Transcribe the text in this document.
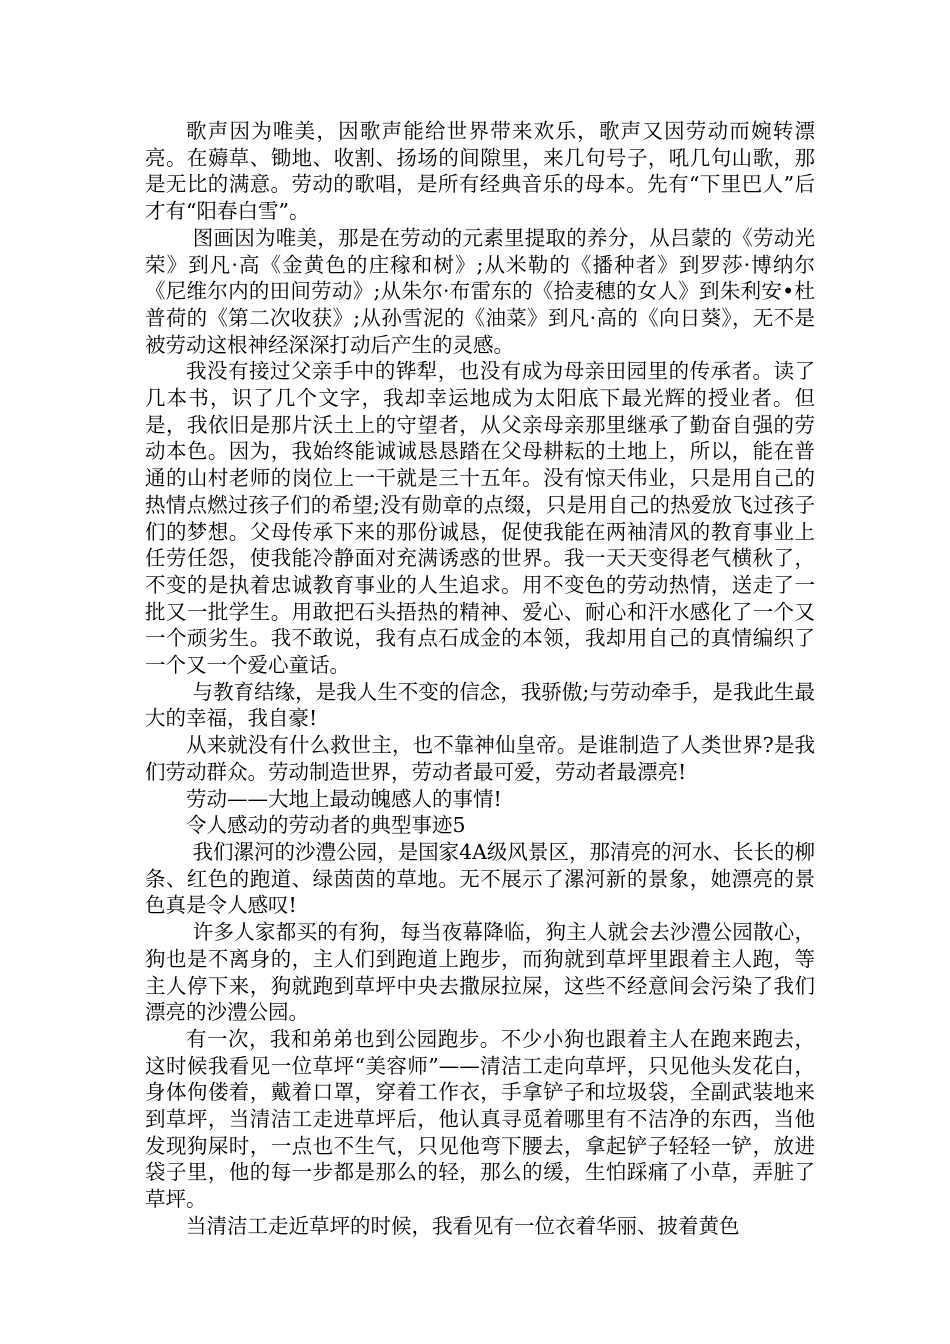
歌声因为唯美，因歌声能给世界带来欢乐，歌声又因劳动而婉转漂亮。在薅草、锄地、收割、扬场的间隙里，来几句号子，吼几句山歌，那是无比的满意。劳动的歌唱，是所有经典音乐的母本。先有“下里巴人”后才有“阳春白雪”。

图画因为唯美，那是在劳动的元素里提取的养分，从吕蒙的《劳动光荣》到凡·高《金黄色的庄稼和树》;从米勒的《播种者》到罗莎·博纳尔《尼维尔内的田间劳动》;从朱尔·布雷东的《拾麦穗的女人》到朱利安•杜普荷的《第二次收获》;从孙雪泥的《油菜》到凡·高的《向日葵》，无不是被劳动这根神经深深打动后产生的灵感。

我没有接过父亲手中的铧犁，也没有成为母亲田园里的传承者。读了几本书，识了几个文字，我却幸运地成为太阳底下最光辉的授业者。但是，我依旧是那片沃土上的守望者，从父亲母亲那里继承了勤奋自强的劳动本色。因为，我始终能诚诚恳恳踏在父母耕耘的土地上，所以，能在普通的山村老师的岗位上一干就是三十五年。没有惊天伟业，只是用自己的热情点燃过孩子们的希望;没有勋章的点缀，只是用自己的热爱放飞过孩子们的梦想。父母传承下来的那份诚恳，促使我能在两袖清风的教育事业上任劳任怨，使我能冷静面对充满诱惑的世界。我一天天变得老气横秋了，不变的是执着忠诚教育事业的人生追求。用不变色的劳动热情，送走了一批又一批学生。用敢把石头捂热的精神、爱心、耐心和汗水感化了一个又一个顽劣生。我不敢说，我有点石成金的本领，我却用自己的真情编织了一个又一个爱心童话。

与教育结缘，是我人生不变的信念，我骄傲;与劳动牵手，是我此生最大的幸福，我自豪!

从来就没有什么救世主，也不靠神仙皇帝。是谁制造了人类世界?是我们劳动群众。劳动制造世界，劳动者最可爱，劳动者最漂亮!

劳动——大地上最动魄感人的事情!

令人感动的劳动者的典型事迹5

我们漯河的沙澧公园，是国家4A级风景区，那清亮的河水、长长的柳条、红色的跑道、绿茵茵的草地。无不展示了漯河新的景象，她漂亮的景色真是令人感叹!

许多人家都买的有狗，每当夜幕降临，狗主人就会去沙澧公园散心，狗也是不离身的，主人们到跑道上跑步，而狗就到草坪里跟着主人跑，等主人停下来，狗就跑到草坪中央去撒尿拉屎，这些不经意间会污染了我们漂亮的沙澧公园。

有一次，我和弟弟也到公园跑步。不少小狗也跟着主人在跑来跑去，这时候我看见一位草坪“美容师”——清洁工走向草坪，只见他头发花白，身体佝偻着，戴着口罩，穿着工作衣，手拿铲子和垃圾袋，全副武装地来到草坪，当清洁工走进草坪后，他认真寻觅着哪里有不洁净的东西，当他发现狗屎时，一点也不生气，只见他弯下腰去，拿起铲子轻轻一铲，放进袋子里，他的每一步都是那么的轻，那么的缓，生怕踩痛了小草，弄脏了草坪。

当清洁工走近草坪的时候，我看见有一位衣着华丽、披着黄色
